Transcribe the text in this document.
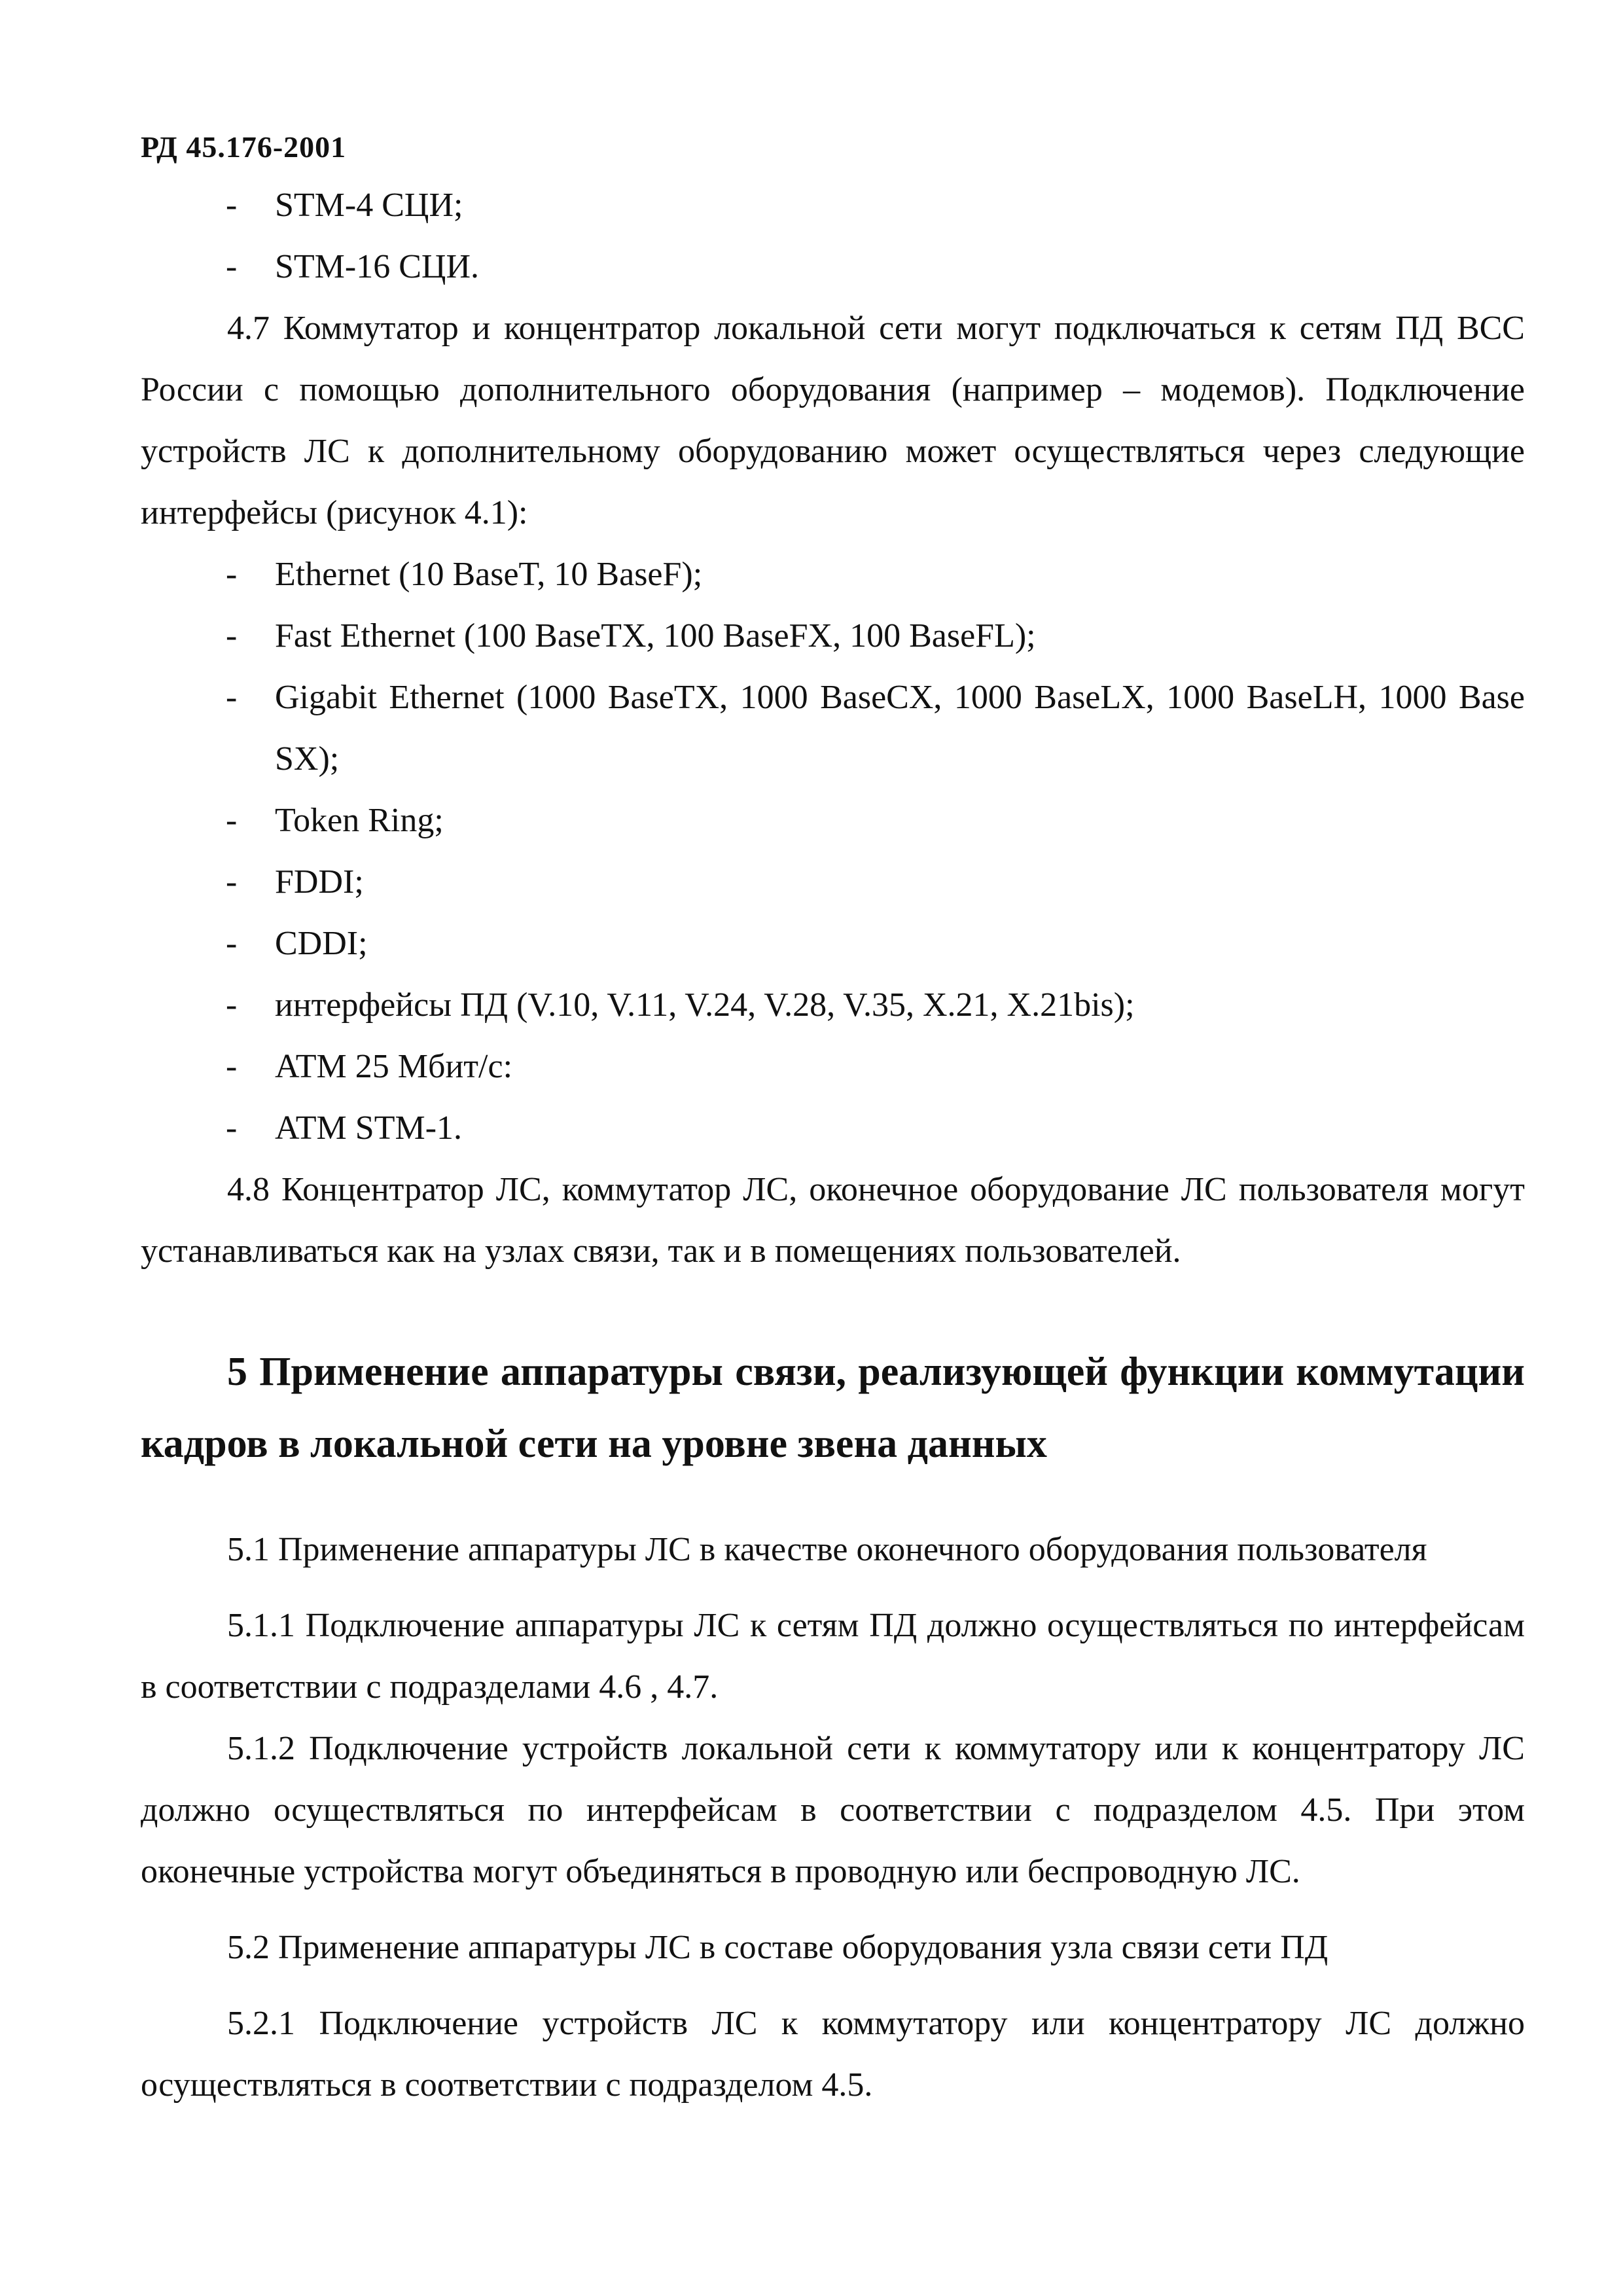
РД 45.176-2001
- STM-4 СЦИ;
- STM-16 СЦИ.

4.7 Коммутатор и концентратор локальной сети могут подключаться к сетям ПД ВСС России с помощью дополнительного оборудования (например – модемов). Подключение устройств ЛС к дополнительному оборудованию может осуществляться через следующие интерфейсы (рисунок 4.1):

- Ethernet (10 BaseT, 10 BaseF);
- Fast Ethernet (100 BaseTX, 100 BaseFX, 100 BaseFL);
- Gigabit Ethernet (1000 BaseTX, 1000 BaseCX, 1000 BaseLX, 1000 BaseLH, 1000 Base SX);
- Token Ring;
- FDDI;
- CDDI;
- интерфейсы ПД (V.10, V.11, V.24, V.28, V.35, X.21, X.21bis);
- ATM 25 Мбит/с:
- ATM STM-1.

4.8 Концентратор ЛС, коммутатор ЛС, оконечное оборудование ЛС пользователя могут устанавливаться как на узлах связи, так и в помещениях пользователей.

5 Применение аппаратуры связи, реализующей функции коммутации кадров в локальной сети на уровне звена данных

5.1 Применение аппаратуры ЛС в качестве оконечного оборудования пользователя

5.1.1 Подключение аппаратуры ЛС к сетям ПД должно осуществляться по интерфейсам в соответствии с подразделами 4.6 , 4.7.

5.1.2 Подключение устройств локальной сети к коммутатору или к концентратору ЛС должно осуществляться по интерфейсам в соответствии с подразделом 4.5. При этом оконечные устройства могут объединяться в проводную или беспроводную ЛС.

5.2 Применение аппаратуры ЛС в составе оборудования узла связи сети ПД

5.2.1 Подключение устройств ЛС к коммутатору или концентратору ЛС должно осуществляться в соответствии с подразделом 4.5.
